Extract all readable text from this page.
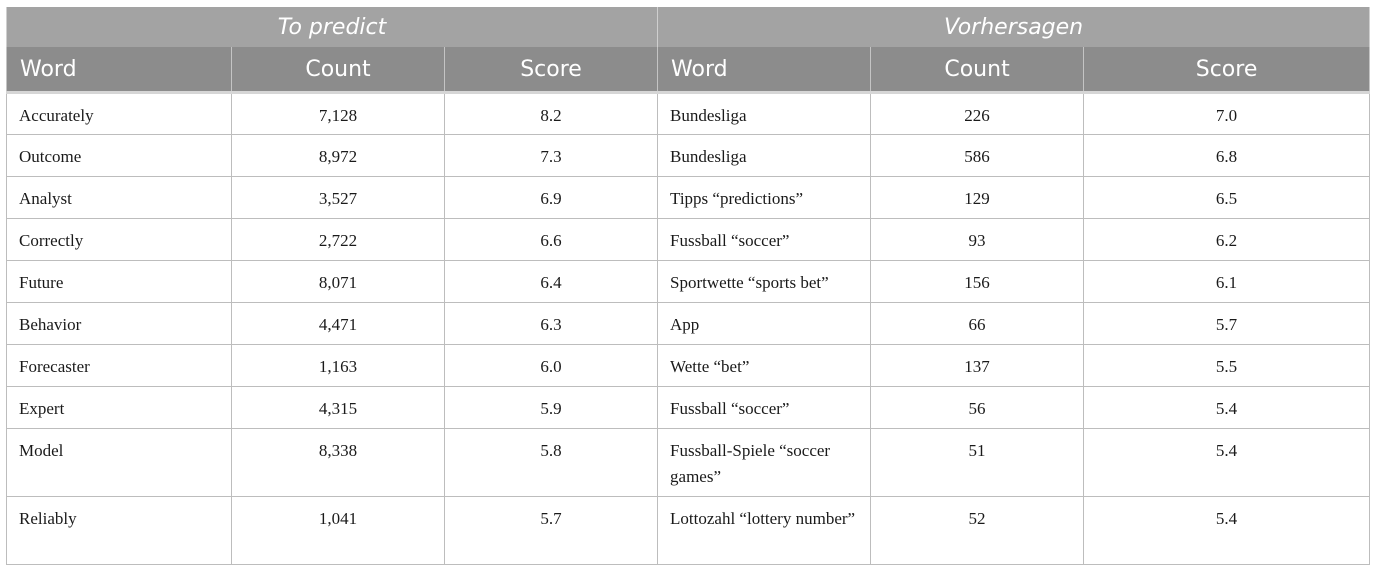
To predict			Vorhersagen		
Word	Count	Score	Word	Count	Score
Accurately	7,128	8.2	Bundesliga	226	7.0
Outcome	8,972	7.3	Bundesliga	586	6.8
Analyst	3,527	6.9	Tipps “predictions”	129	6.5
Correctly	2,722	6.6	Fussball “soccer”	93	6.2
Future	8,071	6.4	Sportwette “sports bet”	156	6.1
Behavior	4,471	6.3	App	66	5.7
Forecaster	1,163	6.0	Wette “bet”	137	5.5
Expert	4,315	5.9	Fussball “soccer”	56	5.4
Model	8,338	5.8	Fussball-Spiele “soccer games”	51	5.4
Reliably	1,041	5.7	Lottozahl “lottery number”	52	5.4
